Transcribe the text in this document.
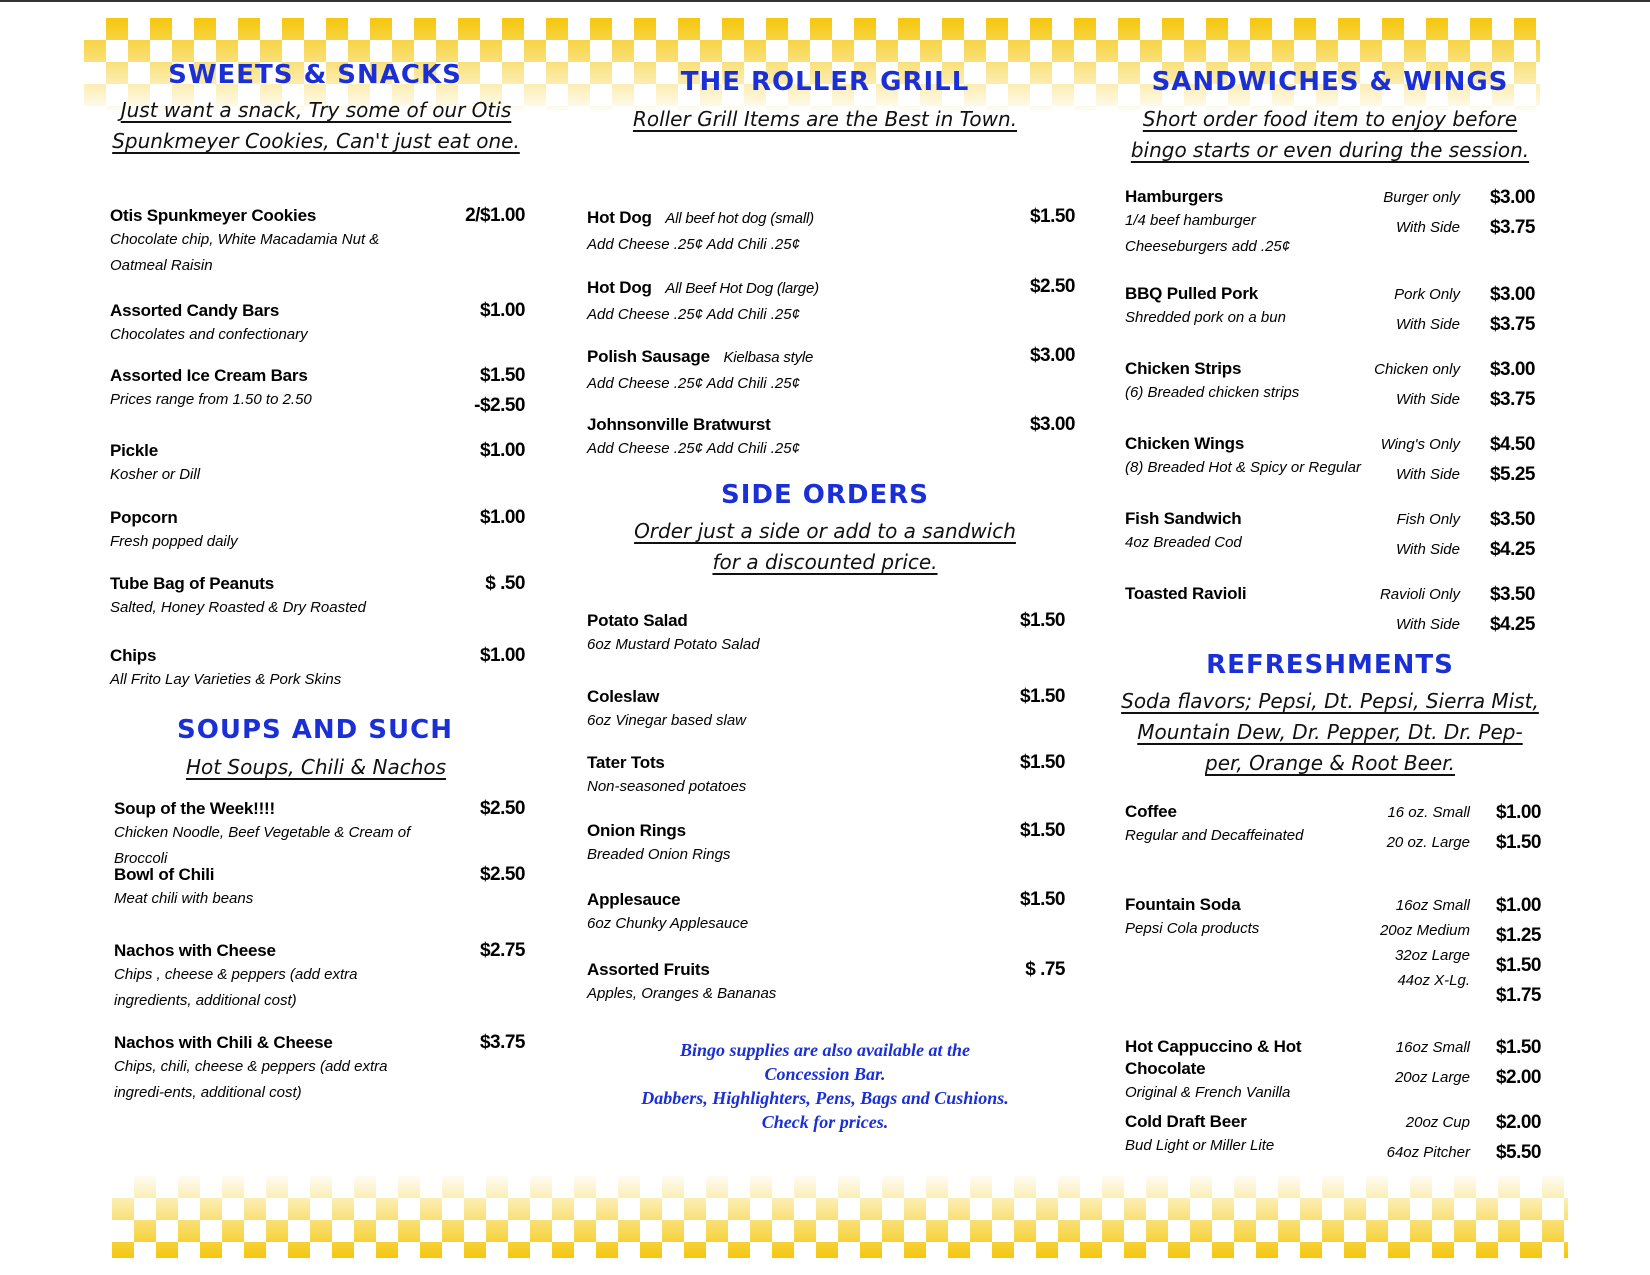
SWEETS & SNACKS

Just want a snack, Try some of our Otis
Spunkmeyer Cookies, Can't just eat one.

Otis Spunkmeyer Cookies
Chocolate chip, White Macadamia Nut & Oatmeal Raisin
2/$1.00
Assorted Candy Bars
Chocolates and confectionary
$1.00
Assorted Ice Cream Bars
Prices range from 1.50 to 2.50
$1.50
-$2.50
Pickle
Kosher or Dill
$1.00
Popcorn
Fresh popped daily
$1.00
Tube Bag of Peanuts
Salted, Honey Roasted & Dry Roasted
$ .50
Chips
All Frito Lay Varieties & Pork Skins
$1.00
SOUPS AND SUCH

Hot Soups, Chili & Nachos

Soup of the Week!!!!
Chicken Noodle, Beef Vegetable & Cream of Broccoli
$2.50
Bowl of Chili
Meat chili with beans
$2.50
Nachos with Cheese
Chips , cheese & peppers (add extra ingredients, additional cost)
$2.75
Nachos with Chili & Cheese
Chips, chili, cheese & peppers (add extra ingredi-ents, additional cost)
$3.75
THE ROLLER GRILL

Roller Grill Items are the Best in Town.

Hot Dog All beef hot dog (small)
Add Cheese .25¢ Add Chili .25¢
$1.50
Hot Dog All Beef Hot Dog (large)
Add Cheese .25¢ Add Chili .25¢
$2.50
Polish Sausage Kielbasa style
Add Cheese .25¢ Add Chili .25¢
$3.00
Johnsonville Bratwurst
Add Cheese .25¢ Add Chili .25¢
$3.00
SIDE ORDERS

Order just a side or add to a sandwich
for a discounted price.

Potato Salad
6oz Mustard Potato Salad
$1.50
Coleslaw
6oz Vinegar based slaw
$1.50
Tater Tots
Non-seasoned potatoes
$1.50
Onion Rings
Breaded Onion Rings
$1.50
Applesauce
6oz Chunky Applesauce
$1.50
Assorted Fruits
Apples, Oranges & Bananas
$ .75

Bingo supplies are also available at the
Concession Bar.
Dabbers, Highlighters, Pens, Bags and Cushions.
Check for prices.

SANDWICHES & WINGS

Short order food item to enjoy before
bingo starts or even during the session.

Hamburgers
1/4 beef hamburger
Cheeseburgers add .25¢
Burger only
With Side
$3.00
$3.75
BBQ Pulled Pork
Shredded pork on a bun
Pork Only
With Side
$3.00
$3.75
Chicken Strips
(6) Breaded chicken strips
Chicken only
With Side
$3.00
$3.75
Chicken Wings
(8) Breaded Hot & Spicy or Regular
Wing's Only
With Side
$4.50
$5.25
Fish Sandwich
4oz Breaded Cod
Fish Only
With Side
$3.50
$4.25
Toasted Ravioli	Ravioli Only
With Side
$3.50
$4.25
REFRESHMENTS

Soda flavors; Pepsi, Dt. Pepsi, Sierra Mist,
Mountain Dew, Dr. Pepper, Dt. Dr. Pep-
per, Orange & Root Beer.

Coffee
Regular and Decaffeinated
16 oz. Small
20 oz. Large
$1.00
$1.50
Fountain Soda
Pepsi Cola products
16oz Small
20oz Medium
32oz Large
44oz X-Lg.
$1.00
$1.25
$1.50
$1.75
Hot Cappuccino & Hot Chocolate
Original & French Vanilla
16oz Small
20oz Large
$1.50
$2.00
Cold Draft Beer
Bud Light or Miller Lite
20oz Cup
64oz Pitcher
$2.00
$5.50
